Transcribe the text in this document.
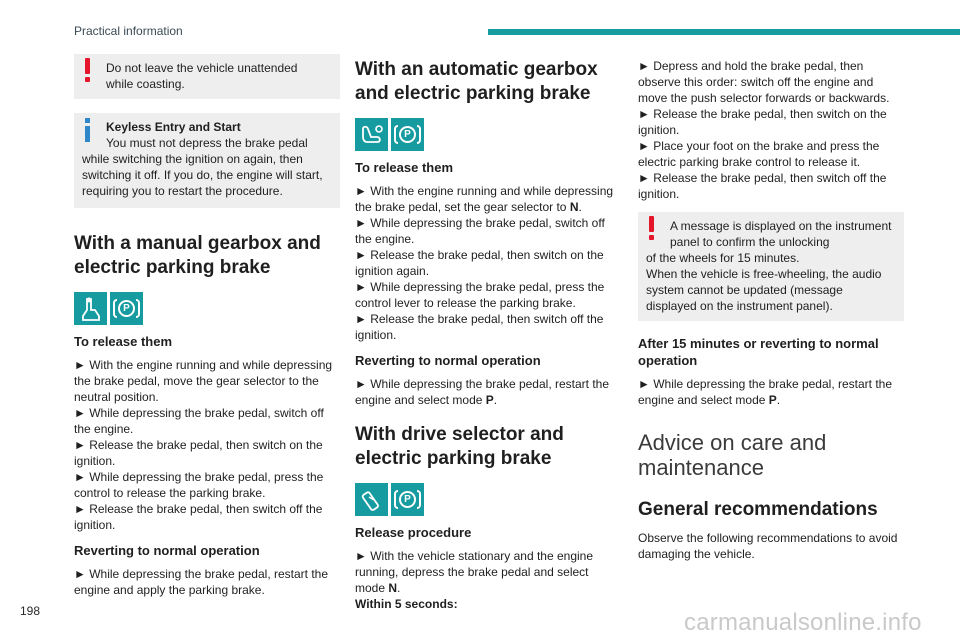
Practical information

Do not leave the vehicle unattended while coasting.

Keyless Entry and Start

You must not depress the brake pedal

while switching the ignition on again, then switching it off. If you do, the engine will start, requiring you to restart the procedure.

With a manual gearbox and electric parking brake
P
To release them

► With the engine running and while depressing the brake pedal, move the gear selector to the neutral position.

► While depressing the brake pedal, switch off the engine.

► Release the brake pedal, then switch on the ignition.

► While depressing the brake pedal, press the control to release the parking brake.

► Release the brake pedal, then switch off the ignition.

Reverting to normal operation

► While depressing the brake pedal, restart the engine and apply the parking brake.

With an automatic gearbox and electric parking brake
P
To release them

► With the engine running and while depressing the brake pedal, set the gear selector to N.

► While depressing the brake pedal, switch off the engine.

► Release the brake pedal, then switch on the ignition again.

► While depressing the brake pedal, press the control lever to release the parking brake.

► Release the brake pedal, then switch off the ignition.

Reverting to normal operation

► While depressing the brake pedal, restart the engine and select mode P.

With drive selector and electric parking brake
P
Release procedure

► With the vehicle stationary and the engine running, depress the brake pedal and select mode N.

Within 5 seconds:

► Depress and hold the brake pedal, then observe this order: switch off the engine and move the push selector forwards or backwards.

► Release the brake pedal, then switch on the ignition.

► Place your foot on the brake and press the electric parking brake control to release it.

► Release the brake pedal, then switch off the ignition.

A message is displayed on the instrument panel to confirm the unlocking

of the wheels for 15 minutes.

When the vehicle is free-wheeling, the audio system cannot be updated (message displayed on the instrument panel).

After 15 minutes or reverting to normal operation

► While depressing the brake pedal, restart the engine and select mode P.

Advice on care and
maintenance
General recommendations

Observe the following recommendations to avoid damaging the vehicle.

198	carmanualsonline.info
